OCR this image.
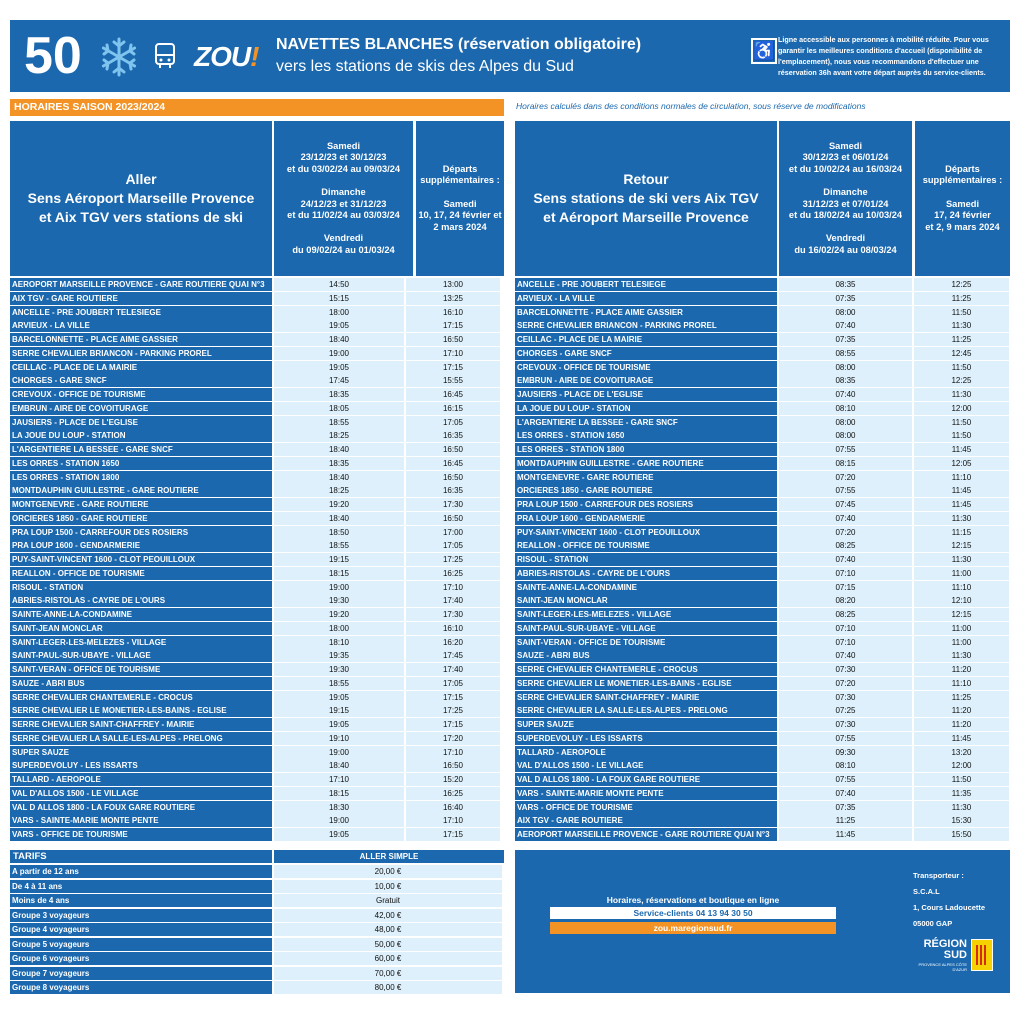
50	ZOU! NAVETTES BLANCHES (réservation obligatoire)
vers les stations de skis des Alpes du Sud
♿
Ligne accessible aux personnes à mobilité réduite. Pour vous garantir les meilleures conditions d'accueil (disponibilité de l'emplacement), nous vous recommandons d'effectuer une réservation 36h avant votre départ auprès du service-clients.
HORAIRES SAISON 2023/2024	Horaires calculés dans des conditions normales de circulation, sous réserve de modifications
Aller
Sens Aéroport Marseille Provence
et Aix TGV vers stations de ski
Samedi
23/12/23 et 30/12/23
et du 03/02/24 au 09/03/24

Dimanche
24/12/23 et 31/12/23
et du 11/02/24 au 03/03/24

Vendredi
du 09/02/24 au 01/03/24
Départs
supplémentaires :

Samedi
10, 17, 24 février et
2 mars 2024
Retour
Sens stations de ski vers Aix TGV
et Aéroport Marseille Provence
Samedi
30/12/23 et 06/01/24
et du 10/02/24 au 16/03/24

Dimanche
31/12/23 et 07/01/24
et du 18/02/24 au 10/03/24

Vendredi
du 16/02/24 au 08/03/24
Départs
supplémentaires :

Samedi
17, 24 février
et 2, 9 mars 2024
AEROPORT MARSEILLE PROVENCE - GARE ROUTIERE QUAI N°3	14:50	13:00
AIX TGV - GARE ROUTIERE	15:15	13:25
ANCELLE - PRE JOUBERT TELESIEGE	18:00	16:10
ARVIEUX - LA VILLE	19:05	17:15
BARCELONNETTE - PLACE AIME GASSIER	18:40	16:50
SERRE CHEVALIER BRIANCON - PARKING PROREL	19:00	17:10
CEILLAC - PLACE DE LA MAIRIE	19:05	17:15
CHORGES - GARE SNCF	17:45	15:55
CREVOUX - OFFICE DE TOURISME	18:35	16:45
EMBRUN - AIRE DE COVOITURAGE	18:05	16:15
JAUSIERS - PLACE DE L'EGLISE	18:55	17:05
LA JOUE DU LOUP - STATION	18:25	16:35
L'ARGENTIERE LA BESSEE - GARE SNCF	18:40	16:50
LES ORRES - STATION 1650	18:35	16:45
LES ORRES - STATION 1800	18:40	16:50
MONTDAUPHIN GUILLESTRE - GARE ROUTIERE	18:25	16:35
MONTGENEVRE - GARE ROUTIERE	19:20	17:30
ORCIERES 1850 - GARE ROUTIERE	18:40	16:50
PRA LOUP 1500 - CARREFOUR DES ROSIERS	18:50	17:00
PRA LOUP 1600 - GENDARMERIE	18:55	17:05
PUY-SAINT-VINCENT 1600 - CLOT PEOUILLOUX	19:15	17:25
REALLON - OFFICE DE TOURISME	18:15	16:25
RISOUL - STATION	19:00	17:10
ABRIES-RISTOLAS - CAYRE DE L'OURS	19:30	17:40
SAINTE-ANNE-LA-CONDAMINE	19:20	17:30
SAINT-JEAN MONCLAR	18:00	16:10
SAINT-LEGER-LES-MELEZES - VILLAGE	18:10	16:20
SAINT-PAUL-SUR-UBAYE - VILLAGE	19:35	17:45
SAINT-VERAN - OFFICE DE TOURISME	19:30	17:40
SAUZE - ABRI BUS	18:55	17:05
SERRE CHEVALIER CHANTEMERLE - CROCUS	19:05	17:15
SERRE CHEVALIER LE MONETIER-LES-BAINS - EGLISE	19:15	17:25
SERRE CHEVALIER SAINT-CHAFFREY - MAIRIE	19:05	17:15
SERRE CHEVALIER LA SALLE-LES-ALPES - PRELONG	19:10	17:20
SUPER SAUZE	19:00	17:10
SUPERDEVOLUY - LES ISSARTS	18:40	16:50
TALLARD - AEROPOLE	17:10	15:20
VAL D'ALLOS 1500 - LE VILLAGE	18:15	16:25
VAL D ALLOS 1800 - LA FOUX GARE ROUTIERE	18:30	16:40
VARS - SAINTE-MARIE MONTE PENTE	19:00	17:10
VARS - OFFICE DE TOURISME	19:05	17:15
ANCELLE - PRE JOUBERT TELESIEGE	08:35	12:25
ARVIEUX - LA VILLE	07:35	11:25
BARCELONNETTE - PLACE AIME GASSIER	08:00	11:50
SERRE CHEVALIER BRIANCON - PARKING PROREL	07:40	11:30
CEILLAC - PLACE DE LA MAIRIE	07:35	11:25
CHORGES - GARE SNCF	08:55	12:45
CREVOUX - OFFICE DE TOURISME	08:00	11:50
EMBRUN - AIRE DE COVOITURAGE	08:35	12:25
JAUSIERS - PLACE DE L'EGLISE	07:40	11:30
LA JOUE DU LOUP - STATION	08:10	12:00
L'ARGENTIERE LA BESSEE - GARE SNCF	08:00	11:50
LES ORRES - STATION 1650	08:00	11:50
LES ORRES - STATION 1800	07:55	11:45
MONTDAUPHIN GUILLESTRE - GARE ROUTIERE	08:15	12:05
MONTGENEVRE - GARE ROUTIERE	07:20	11:10
ORCIERES 1850 - GARE ROUTIERE	07:55	11:45
PRA LOUP 1500 - CARREFOUR DES ROSIERS	07:45	11:45
PRA LOUP 1600 - GENDARMERIE	07:40	11:30
PUY-SAINT-VINCENT 1600 - CLOT PEOUILLOUX	07:20	11:15
REALLON - OFFICE DE TOURISME	08:25	12:15
RISOUL - STATION	07:40	11:30
ABRIES-RISTOLAS - CAYRE DE L'OURS	07:10	11:00
SAINTE-ANNE-LA-CONDAMINE	07:15	11:10
SAINT-JEAN MONCLAR	08:20	12:10
SAINT-LEGER-LES-MELEZES - VILLAGE	08:25	12:15
SAINT-PAUL-SUR-UBAYE - VILLAGE	07:10	11:00
SAINT-VERAN - OFFICE DE TOURISME	07:10	11:00
SAUZE - ABRI BUS	07:40	11:30
SERRE CHEVALIER CHANTEMERLE - CROCUS	07:30	11:20
SERRE CHEVALIER LE MONETIER-LES-BAINS - EGLISE	07:20	11:10
SERRE CHEVALIER SAINT-CHAFFREY - MAIRIE	07:30	11:25
SERRE CHEVALIER LA SALLE-LES-ALPES - PRELONG	07:25	11:20
SUPER SAUZE	07:30	11:20
SUPERDEVOLUY - LES ISSARTS	07:55	11:45
TALLARD - AEROPOLE	09:30	13:20
VAL D'ALLOS 1500 - LE VILLAGE	08:10	12:00
VAL D ALLOS 1800 - LA FOUX GARE ROUTIERE	07:55	11:50
VARS - SAINTE-MARIE MONTE PENTE	07:40	11:35
VARS - OFFICE DE TOURISME	07:35	11:30
AIX TGV - GARE ROUTIERE	11:25	15:30
AEROPORT MARSEILLE PROVENCE - GARE ROUTIERE QUAI N°3	11:45	15:50
TARIFS	ALLER SIMPLE
A partir de 12 ans	20,00 €
De 4 à 11 ans	10,00 €
Moins de 4 ans	Gratuit
Groupe 3 voyageurs	42,00 €
Groupe 4 voyageurs	48,00 €
Groupe 5 voyageurs	50,00 €
Groupe 6 voyageurs	60,00 €
Groupe 7 voyageurs	70,00 €
Groupe 8 voyageurs	80,00 €
Horaires, réservations et boutique en ligne
Service-clients 04 13 94 30 50
zou.maregionsud.fr
Transporteur :
S.C.A.L
1, Cours Ladoucette
05000 GAP
RÉGION
SUD
PROVENCE ALPES CÔTE D'AZUR
